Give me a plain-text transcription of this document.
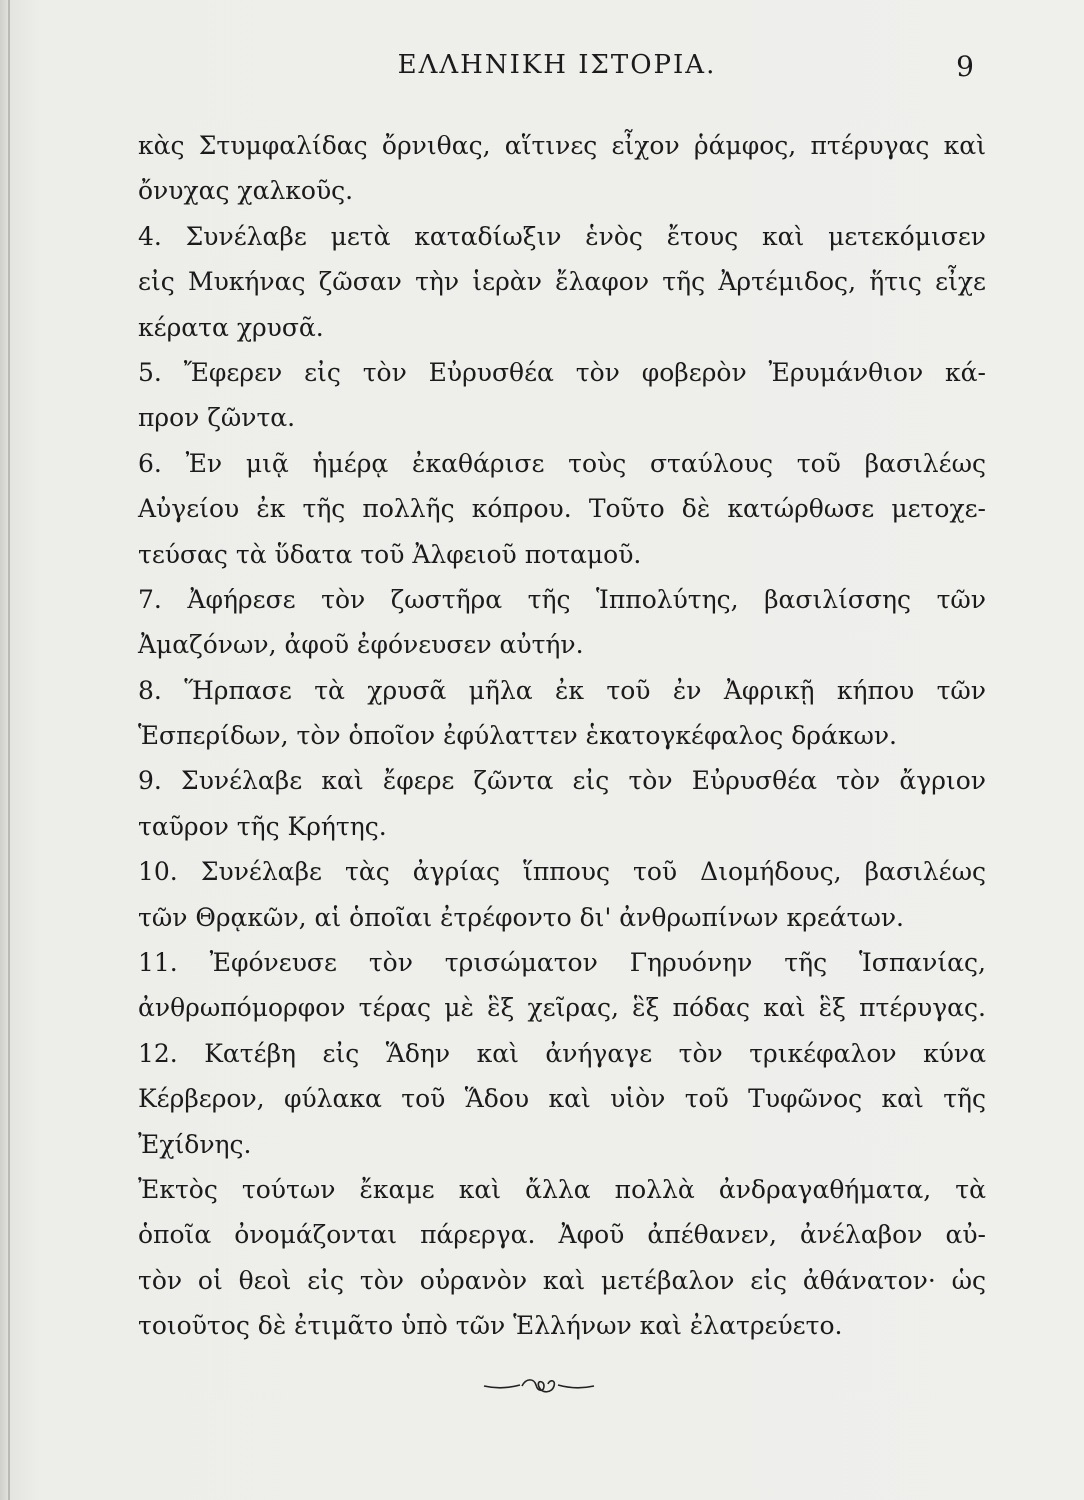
ΕΛΛΗΝΙΚΗ ΙΣΤΟΡΙΑ.	9
κὰς Στυμφαλίδας ὄρνιθας, αἵτινες εἶχον ῥάμφος, πτέρυγας καὶ
ὄνυχας χαλκοῦς.
4. Συνέλαβε μετὰ καταδίωξιν ἑνὸς ἔτους καὶ μετεκόμισεν
εἰς Μυκήνας ζῶσαν τὴν ἱερὰν ἔλαφον τῆς Ἀρτέμιδος, ἥτις εἶχε
κέρατα χρυσᾶ.
5. Ἔφερεν εἰς τὸν Εὐρυσθέα τὸν φοβερὸν Ἐρυμάνθιον κά-
προν ζῶντα.
6. Ἐν μιᾷ ἡμέρᾳ ἐκαθάρισε τοὺς σταύλους τοῦ βασιλέως
Αὐγείου ἐκ τῆς πολλῆς κόπρου. Τοῦτο δὲ κατώρθωσε μετοχε-
τεύσας τὰ ὕδατα τοῦ Ἀλφειοῦ ποταμοῦ.
7. Ἀφήρεσε τὸν ζωστῆρα τῆς Ἱππολύτης, βασιλίσσης τῶν
Ἀμαζόνων, ἀφοῦ ἐφόνευσεν αὐτήν.
8. Ἥρπασε τὰ χρυσᾶ μῆλα ἐκ τοῦ ἐν Ἀφρικῇ κήπου τῶν
Ἑσπερίδων, τὸν ὁποῖον ἐφύλαττεν ἑκατογκέφαλος δράκων.
9. Συνέλαβε καὶ ἔφερε ζῶντα εἰς τὸν Εὐρυσθέα τὸν ἄγριον
ταῦρον τῆς Κρήτης.
10. Συνέλαβε τὰς ἀγρίας ἵππους τοῦ Διομήδους, βασιλέως
τῶν Θρᾳκῶν, αἱ ὁποῖαι ἐτρέφοντο δι' ἀνθρωπίνων κρεάτων.
11. Ἐφόνευσε τὸν τρισώματον Γηρυόνην τῆς Ἱσπανίας,
ἀνθρωπόμορφον τέρας μὲ ἓξ χεῖρας, ἓξ πόδας καὶ ἓξ πτέρυγας.
12. Κατέβη εἰς Ἅδην καὶ ἀνήγαγε τὸν τρικέφαλον κύνα
Κέρβερον, φύλακα τοῦ Ἅδου καὶ υἱὸν τοῦ Τυφῶνος καὶ τῆς
Ἐχίδνης.
Ἐκτὸς τούτων ἔκαμε καὶ ἄλλα πολλὰ ἀνδραγαθήματα, τὰ
ὁποῖα ὀνομάζονται πάρεργα. Ἀφοῦ ἀπέθανεν, ἀνέλαβον αὐ-
τὸν οἱ θεοὶ εἰς τὸν οὐρανὸν καὶ μετέβαλον εἰς ἀθάνατον· ὡς
τοιοῦτος δὲ ἐτιμᾶτο ὑπὸ τῶν Ἑλλήνων καὶ ἐλατρεύετο.
